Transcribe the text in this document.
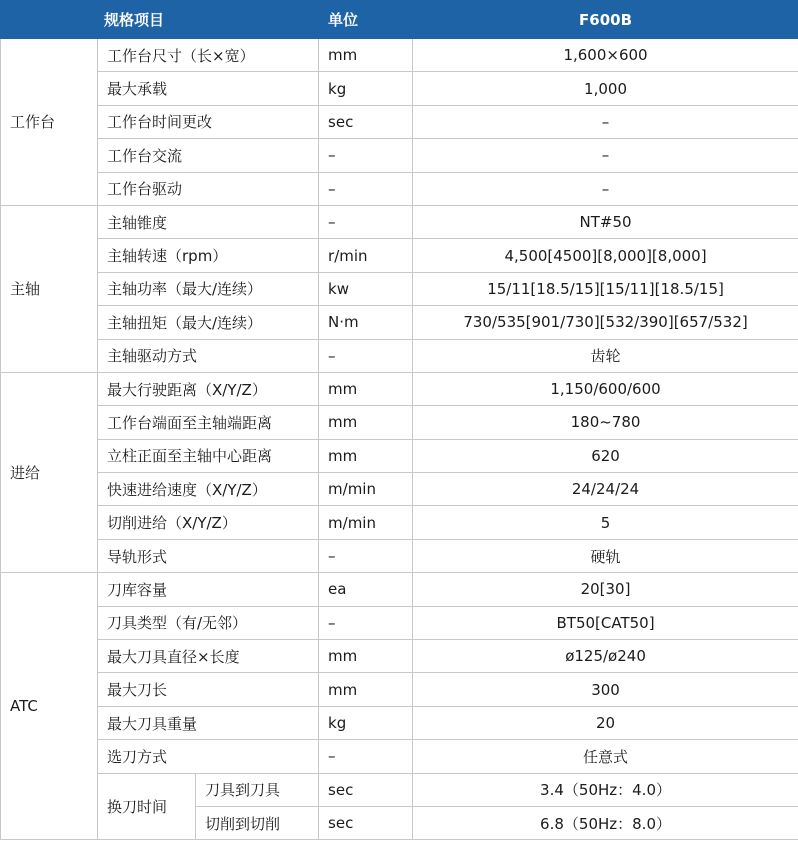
规格项目			单位	F600B
工作台	工作台尺寸（长×宽）		mm	1,600×600
	最大承载		kg	1,000
	工作台时间更改		sec	–
	工作台交流		–	–
	工作台驱动		–	–
主轴	主轴锥度		–	NT#50
	主轴转速（rpm）		r/min	4,500[4500][8,000][8,000]
	主轴功率（最大/连续）		kw	15/11[18.5/15][15/11][18.5/15]
	主轴扭矩（最大/连续）		N·m	730/535[901/730][532/390][657/532]
	主轴驱动方式		–	齿轮
进给	最大行驶距离（X/Y/Z）		mm	1,150/600/600
	工作台端面至主轴端距离		mm	180~780
	立柱正面至主轴中心距离		mm	620
	快速进给速度（X/Y/Z）		m/min	24/24/24
	切削进给（X/Y/Z）		m/min	5
	导轨形式		–	硬轨
ATC	刀库容量		ea	20[30]
	刀具类型（有/无邻）		–	BT50[CAT50]
	最大刀具直径×长度		mm	ø125/ø240
	最大刀长		mm	300
	最大刀具重量		kg	20
	选刀方式		–	任意式
	换刀时间	刀具到刀具	sec	3.4（50Hz：4.0）
		切削到切削	sec	6.8（50Hz：8.0）
